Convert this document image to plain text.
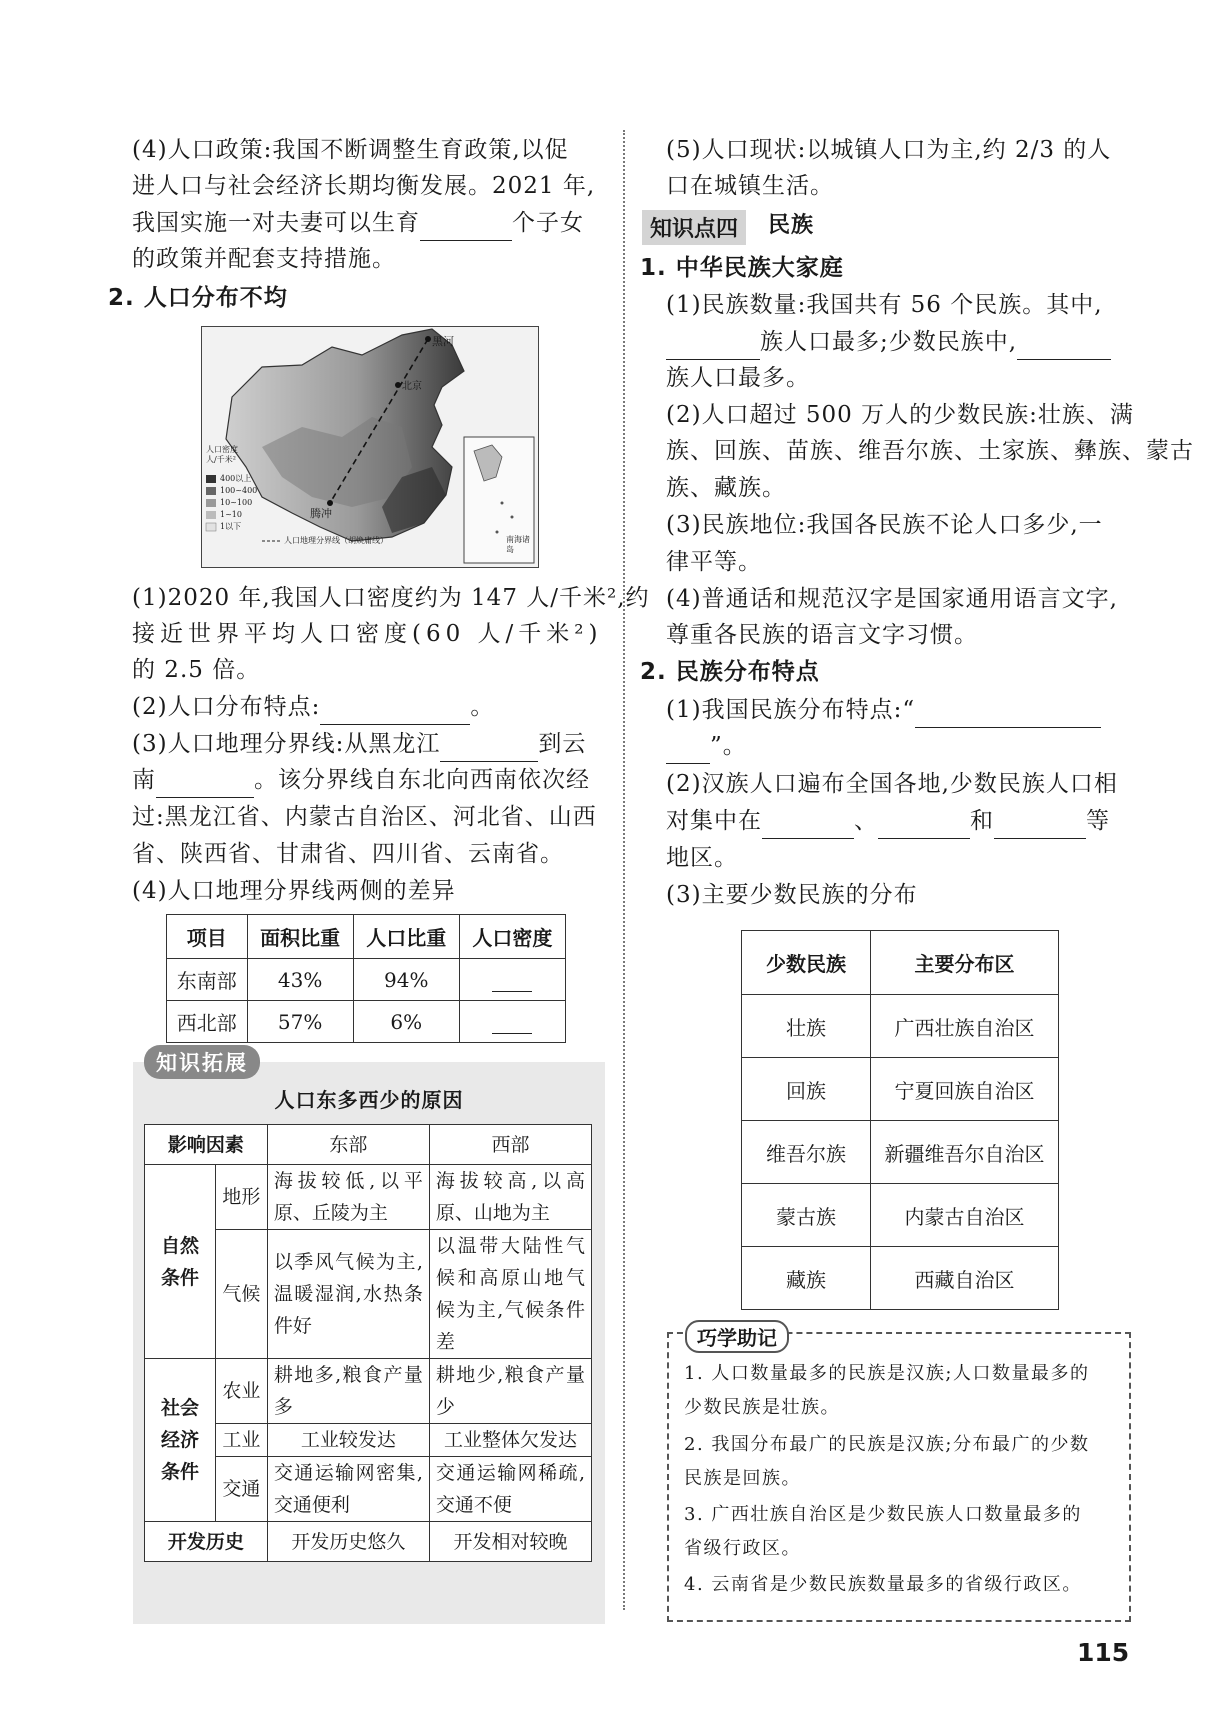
(4)人口政策:我国不断调整生育政策,以促
进人口与社会经济长期均衡发展。2021 年,
我国实施一对夫妻可以生育	个子女
的政策并配套支持措施。
2. 人口分布不均
人口密度
人/千米²
400以上
100~400
10~100
1~10
1以下
人口地理分界线（胡焕庸线）
黑河
腾冲
北京
南海诸岛
(1)2020 年,我国人口密度约为 147 人/千米²,约
接近世界平均人口密度(60 人/千米²)
的 2.5 倍。
(2)人口分布特点:	。
(3)人口地理分界线:从黑龙江	到云
南	。该分界线自东北向西南依次经
过:黑龙江省、内蒙古自治区、河北省、山西
省、陕西省、甘肃省、四川省、云南省。
(4)人口地理分界线两侧的差异
项目	面积比重	人口比重	人口密度
东南部	43%	94%	
西北部	57%	6%	
知识拓展
人口东多西少的原因
影响因素		东部	西部

自然条件	地形	海拔较低,以平原、丘陵为主	海拔较高,以高原、山地为主
	气候	以季风气候为主,温暖湿润,水热条件好	以温带大陆性气候和高原山地气候为主,气候条件差

社会经济条件	农业	耕地多,粮食产量多	耕地少,粮食产量少
	工业	工业较发达	工业整体欠发达
	交通	交通运输网密集,交通便利	交通运输网稀疏,交通不便
开发历史		开发历史悠久	开发相对较晚
(5)人口现状:以城镇人口为主,约 2/3 的人
口在城镇生活。
知识点四	民族
1. 中华民族大家庭
(1)民族数量:我国共有 56 个民族。其中,
族人口最多;少数民族中,
族人口最多。
(2)人口超过 500 万人的少数民族:壮族、满
族、回族、苗族、维吾尔族、土家族、彝族、蒙古
族、藏族。
(3)民族地位:我国各民族不论人口多少,一
律平等。
(4)普通话和规范汉字是国家通用语言文字,
尊重各民族的语言文字习惯。
2. 民族分布特点
(1)我国民族分布特点:“
”。
(2)汉族人口遍布全国各地,少数民族人口相
对集中在	、	和	等
地区。
(3)主要少数民族的分布
少数民族	主要分布区
壮族	广西壮族自治区
回族	宁夏回族自治区
维吾尔族	新疆维吾尔自治区
蒙古族	内蒙古自治区
藏族	西藏自治区
巧学助记
1. 人口数量最多的民族是汉族;人口数量最多的
少数民族是壮族。
2. 我国分布最广的民族是汉族;分布最广的少数
民族是回族。
3. 广西壮族自治区是少数民族人口数量最多的
省级行政区。
4. 云南省是少数民族数量最多的省级行政区。
115
